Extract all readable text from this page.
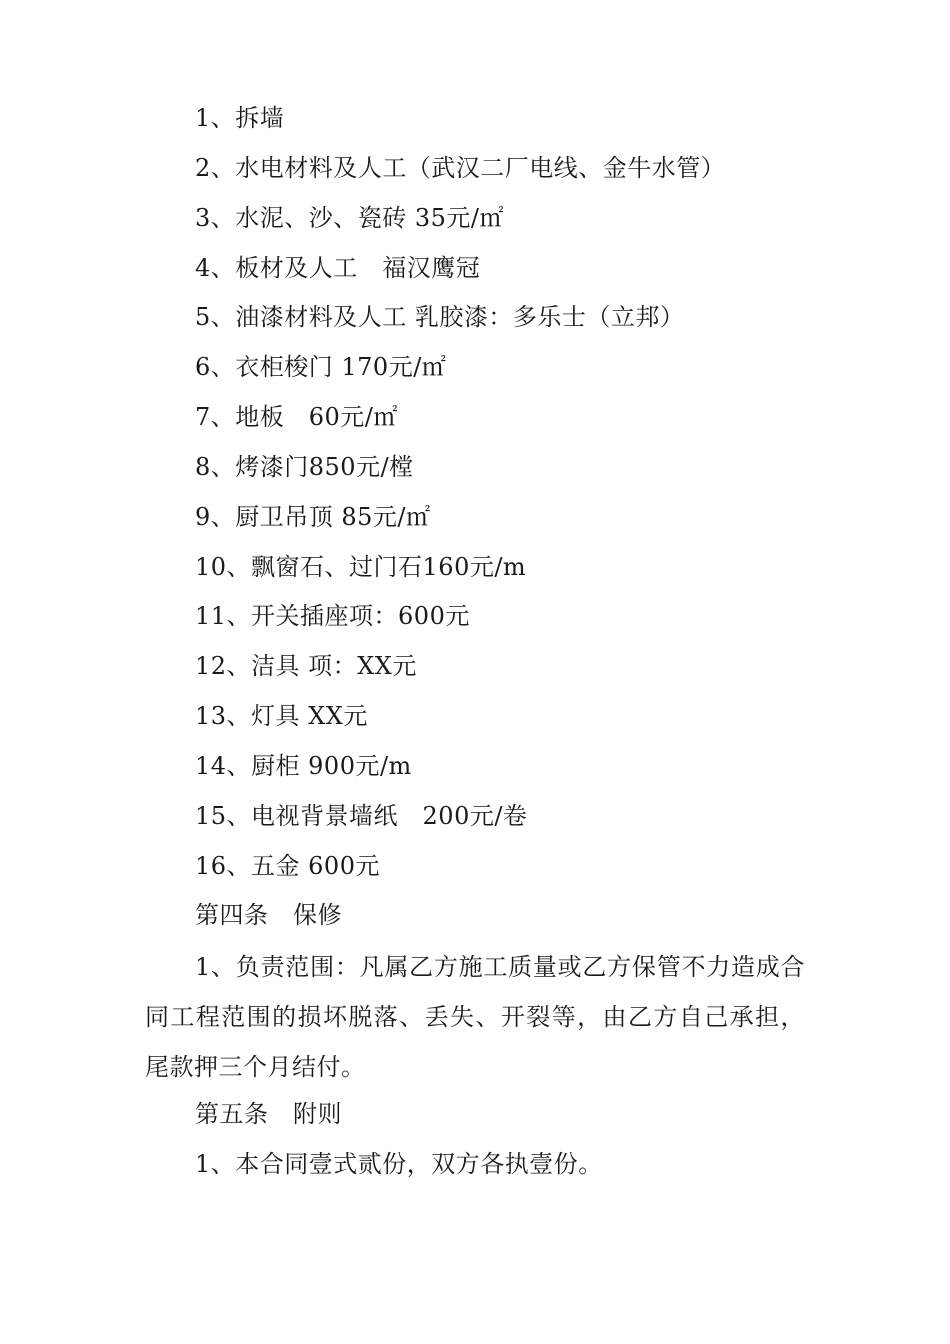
1、拆墙
2、水电材料及人工（武汉二厂电线、金牛水管）
3、水泥、沙、瓷砖 35元/㎡
4、板材及人工　福汉鹰冠
5、油漆材料及人工 乳胶漆：多乐士（立邦）
6、衣柜梭门 170元/㎡
7、地板　60元/㎡
8、烤漆门850元/樘
9、厨卫吊顶 85元/㎡
10、飘窗石、过门石160元/m
11、开关插座项：600元
12、洁具 项：XX元
13、灯具 XX元
14、厨柜 900元/m
15、电视背景墙纸　200元/卷
16、五金 600元
第四条　保修
1、负责范围：凡属乙方施工质量或乙方保管不力造成合同工程范围的损坏脱落、丢失、开裂等，由乙方自己承担，尾款押三个月结付。
第五条　附则
1、本合同壹式贰份，双方各执壹份。
